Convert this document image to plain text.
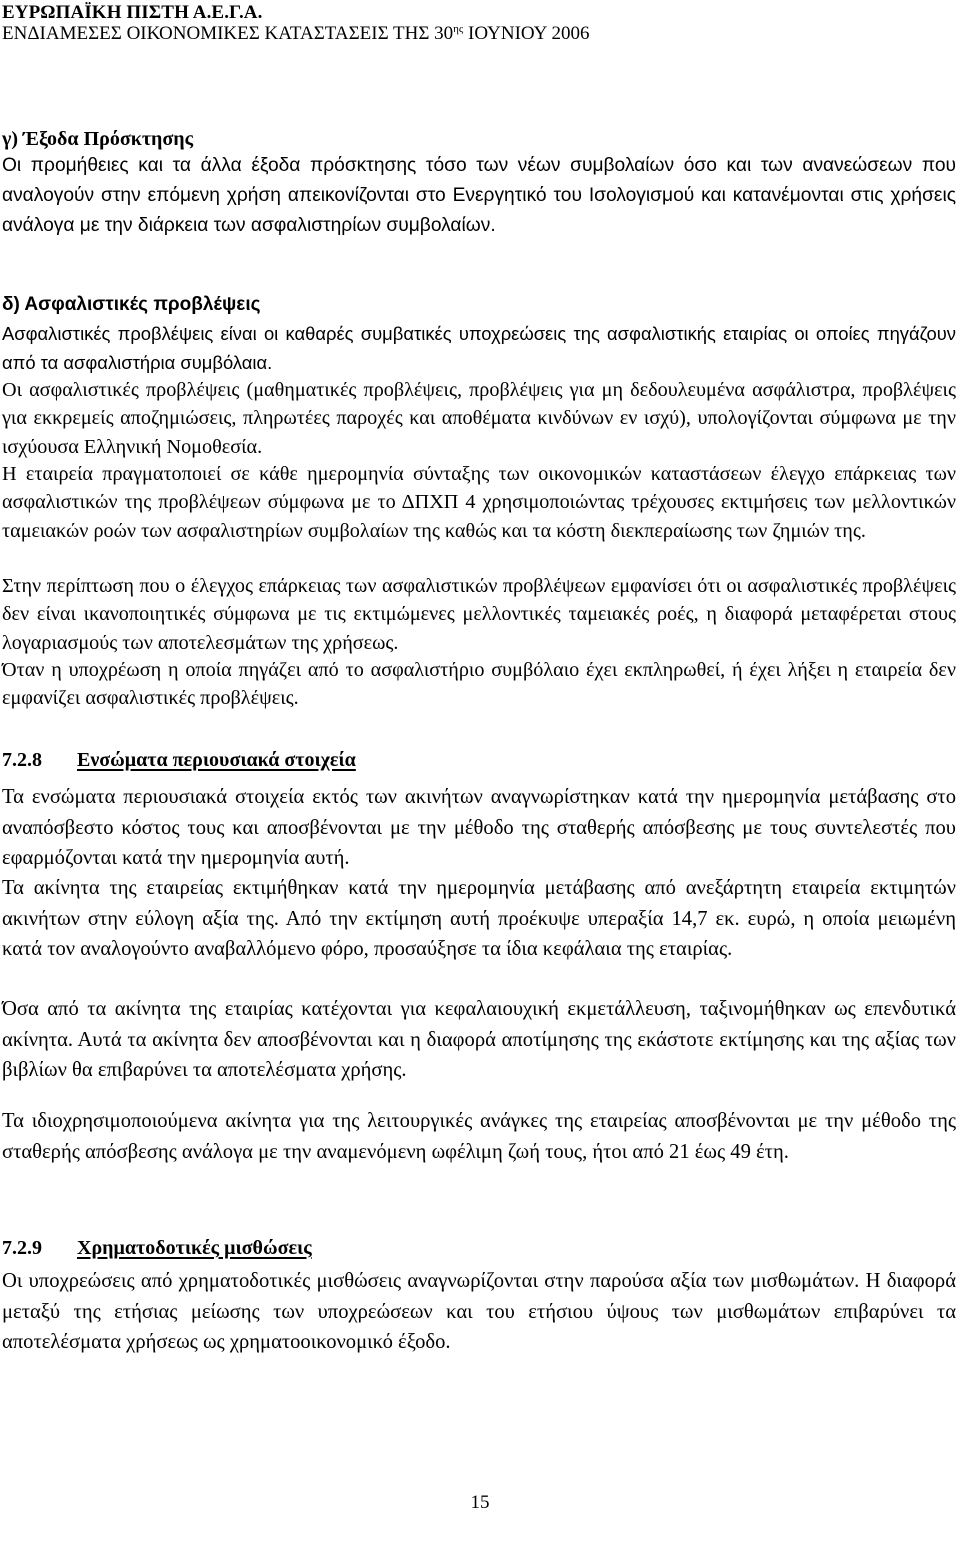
ΕΥΡΩΠΑΪΚΗ ΠΙΣΤΗ Α.Ε.Γ.Α.
ΕΝΔΙΑΜΕΣΕΣ ΟΙΚΟΝΟΜΙΚΕΣ ΚΑΤΑΣΤΑΣΕΙΣ ΤΗΣ $30^{\eta\varsigma}$ ΙΟΥΝΙΟΥ 2006
γ) Έξοδα Πρόσκτησης

Οι προμήθειες και τα άλλα έξοδα πρόσκτησης τόσο των νέων συμβολαίων όσο και των ανανεώσεων που αναλογούν στην επόμενη χρήση απεικονίζονται στο Ενεργητικό του Ισολογισμού και κατανέμονται στις χρήσεις ανάλογα με την διάρκεια των ασφαλιστηρίων συμβολαίων.

δ) Ασφαλιστικές προβλέψεις

Ασφαλιστικές προβλέψεις είναι οι καθαρές συμβατικές υποχρεώσεις της ασφαλιστικής εταιρίας οι οποίες πηγάζουν από τα ασφαλιστήρια συμβόλαια.

Οι ασφαλιστικές προβλέψεις (μαθηματικές προβλέψεις, προβλέψεις για μη δεδουλευμένα ασφάλιστρα, προβλέψεις για εκκρεμείς αποζημιώσεις, πληρωτέες παροχές και αποθέματα κινδύνων εν ισχύ), υπολογίζονται σύμφωνα με την ισχύουσα Ελληνική Νομοθεσία.

Η εταιρεία πραγματοποιεί σε κάθε ημερομηνία σύνταξης των οικονομικών καταστάσεων έλεγχο επάρκειας των ασφαλιστικών της προβλέψεων σύμφωνα με το ΔΠΧΠ 4 χρησιμοποιώντας τρέχουσες εκτιμήσεις των μελλοντικών ταμειακών ροών των ασφαλιστηρίων συμβολαίων της καθώς και τα κόστη διεκπεραίωσης των ζημιών της.

Στην περίπτωση που ο έλεγχος επάρκειας των ασφαλιστικών προβλέψεων εμφανίσει ότι οι ασφαλιστικές προβλέψεις δεν είναι ικανοποιητικές σύμφωνα με τις εκτιμώμενες μελλοντικές ταμειακές ροές, η διαφορά μεταφέρεται στους λογαριασμούς των αποτελεσμάτων της χρήσεως.

Όταν η υποχρέωση η οποία πηγάζει από το ασφαλιστήριο συμβόλαιο έχει εκπληρωθεί, ή έχει λήξει η εταιρεία δεν εμφανίζει ασφαλιστικές προβλέψεις.

7.2.8 Ενσώματα περιουσιακά στοιχεία

Τα ενσώματα περιουσιακά στοιχεία εκτός των ακινήτων αναγνωρίστηκαν κατά την ημερομηνία μετάβασης στο αναπόσβεστο κόστος τους και αποσβένονται με την μέθοδο της σταθερής απόσβεσης με τους συντελεστές που εφαρμόζονται κατά την ημερομηνία αυτή.

Τα ακίνητα της εταιρείας εκτιμήθηκαν κατά την ημερομηνία μετάβασης από ανεξάρτητη εταιρεία εκτιμητών ακινήτων στην εύλογη αξία της. Από την εκτίμηση αυτή προέκυψε υπεραξία 14,7 εκ. ευρώ, η οποία μειωμένη κατά τον αναλογούντο αναβαλλόμενο φόρο, προσαύξησε τα ίδια κεφάλαια της εταιρίας.

Όσα από τα ακίνητα της εταιρίας κατέχονται για κεφαλαιουχική εκμετάλλευση, ταξινομήθηκαν ως επενδυτικά ακίνητα. Αυτά τα ακίνητα δεν αποσβένονται και η διαφορά αποτίμησης της εκάστοτε εκτίμησης και της αξίας των βιβλίων θα επιβαρύνει τα αποτελέσματα χρήσης.

Τα ιδιοχρησιμοποιούμενα ακίνητα για της λειτουργικές ανάγκες της εταιρείας αποσβένονται με την μέθοδο της σταθερής απόσβεσης ανάλογα με την αναμενόμενη ωφέλιμη ζωή τους, ήτοι από 21 έως 49 έτη.

7.2.9 Χρηματοδοτικές μισθώσεις

Οι υποχρεώσεις από χρηματοδοτικές μισθώσεις αναγνωρίζονται στην παρούσα αξία των μισθωμάτων. Η διαφορά μεταξύ της ετήσιας μείωσης των υποχρεώσεων και του ετήσιου ύψους των μισθωμάτων επιβαρύνει τα αποτελέσματα χρήσεως ως χρηματοοικονομικό έξοδο.

15
